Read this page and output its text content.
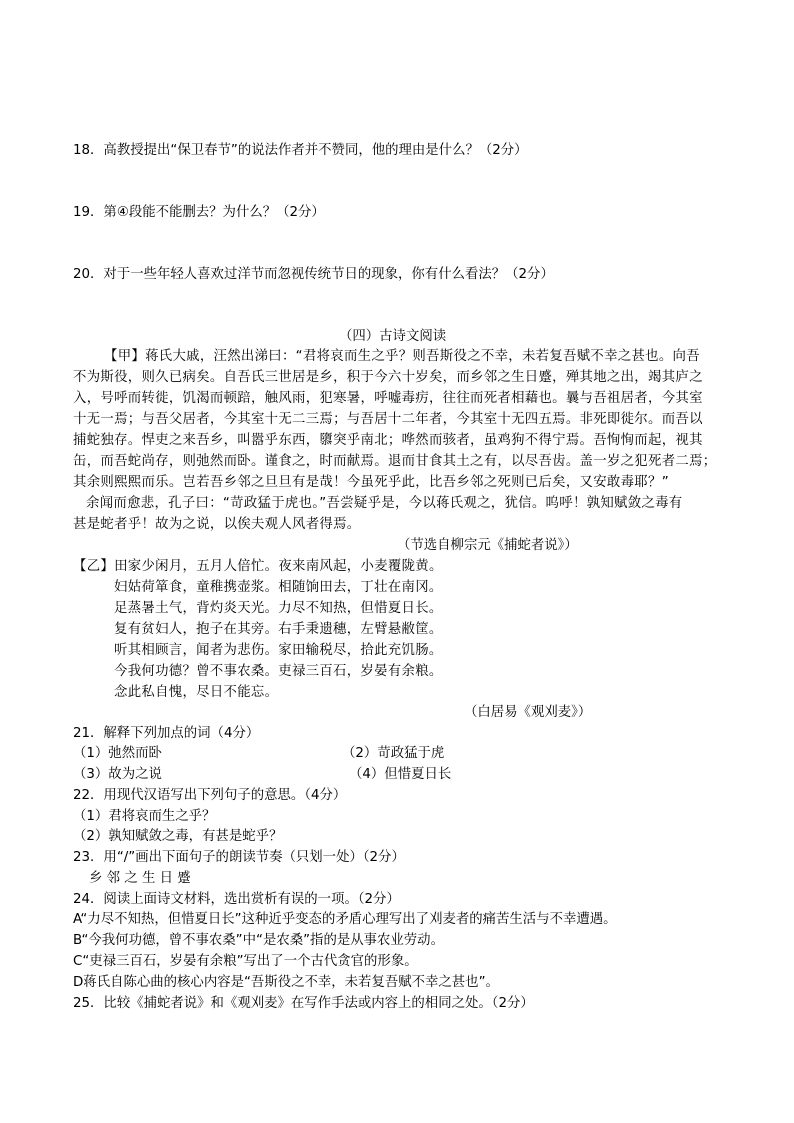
18．高教授提出“保卫春节”的说法作者并不赞同，他的理由是什么？（2分）
19．第④段能不能删去？为什么？（2分）
20．对于一些年轻人喜欢过洋节而忽视传统节日的现象，你有什么看法？（2分）
（四）古诗文阅读
【甲】蒋氏大戚，汪然出涕曰：“君将哀而生之乎？则吾斯役之不幸，未若复吾赋不幸之甚也。向吾
不为斯役，则久已病矣。自吾氏三世居是乡，积于今六十岁矣，而乡邻之生日蹙，殚其地之出，竭其庐之
入，号呼而转徙，饥渴而顿踣，触风雨，犯寒暑，呼嘘毒疠，往往而死者相藉也。曩与吾祖居者，今其室
十无一焉；与吾父居者，今其室十无二三焉；与吾居十二年者，今其室十无四五焉。非死即徙尔。而吾以
捕蛇独存。悍吏之来吾乡，叫嚣乎东西，隳突乎南北；哗然而骇者，虽鸡狗不得宁焉。吾恂恂而起，视其
缶，而吾蛇尚存，则弛然而卧。谨食之，时而献焉。退而甘食其土之有，以尽吾齿。盖一岁之犯死者二焉；
其余则熙熙而乐。岂若吾乡邻之旦旦有是哉！今虽死乎此，比吾乡邻之死则已后矣，又安敢毒耶？”
余闻而愈悲，孔子曰：“苛政猛于虎也。”吾尝疑乎是，今以蒋氏观之，犹信。呜呼！孰知赋敛之毒有
甚是蛇者乎！故为之说，以俟夫观人风者得焉。
（节选自柳宗元《捕蛇者说》）
【乙】田家少闲月，五月人倍忙。夜来南风起，小麦覆陇黄。
妇姑荷箪食，童稚携壶浆。相随饷田去，丁壮在南冈。
足蒸暑土气，背灼炎天光。力尽不知热，但惜夏日长。
复有贫妇人，抱子在其旁。右手秉遗穗，左臂悬敝筐。
听其相顾言，闻者为悲伤。家田输税尽，拾此充饥肠。
今我何功德？曾不事农桑。吏禄三百石，岁晏有余粮。
念此私自愧，尽日不能忘。
（白居易《观刈麦》）
21．解释下列加点的词（4分）
（1）弛然而卧	（2）苛政猛于虎
（3）故为之说	（4）但惜夏日长
22．用现代汉语写出下列句子的意思。（4分）
（1）君将哀而生之乎？
（2）孰知赋敛之毒，有甚是蛇乎？
23．用“/”画出下面句子的朗读节奏（只划一处）（2分）
乡 邻 之 生 日 蹙
24．阅读上面诗文材料，选出赏析有误的一项。（2分）
A“力尽不知热，但惜夏日长”这种近乎变态的矛盾心理写出了刈麦者的痛苦生活与不幸遭遇。
B“今我何功德，曾不事农桑”中“是农桑”指的是从事农业劳动。
C“吏禄三百石，岁晏有余粮”写出了一个古代贪官的形象。
D蒋氏自陈心曲的核心内容是“吾斯役之不幸，未若复吾赋不幸之甚也”。
25．比较《捕蛇者说》和《观刈麦》在写作手法或内容上的相同之处。（2分）
